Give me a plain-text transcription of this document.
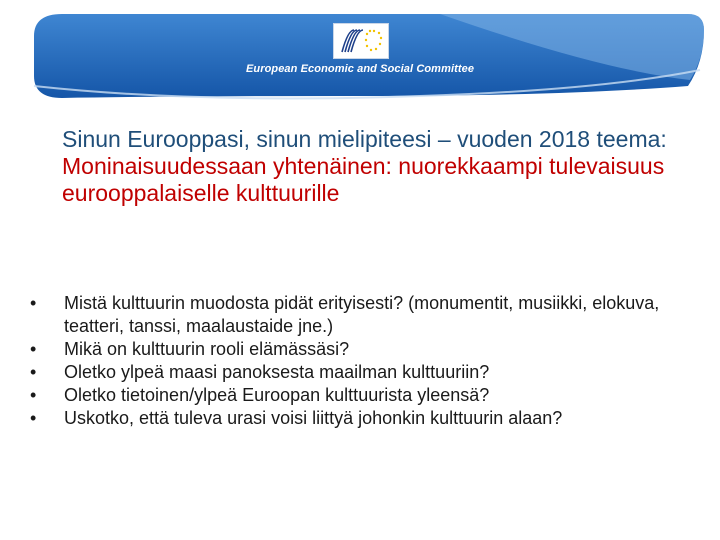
European Economic and Social Committee
Sinun Eurooppasi, sinun mielipiteesi – vuoden 2018 teema:
Moninaisuudessaan yhtenäinen: nuorekkaampi tulevaisuus eurooppalaiselle kulttuurille
• Mistä kulttuurin muodosta pidät erityisesti? (monumentit, musiikki, elokuva, teatteri, tanssi, maalaustaide jne.)
• Mikä on kulttuurin rooli elämässäsi?
• Oletko ylpeä maasi panoksesta maailman kulttuuriin?
• Oletko tietoinen/ylpeä Euroopan kulttuurista yleensä?
• Uskotko, että tuleva urasi voisi liittyä johonkin kulttuurin alaan?
